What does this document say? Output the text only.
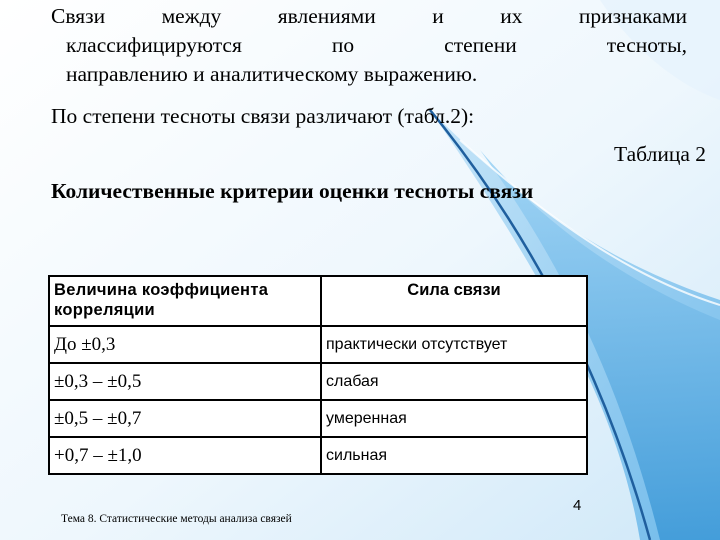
Связи	между	явлениями	и	их	признаками
классифицируются	по	степени	тесноты,
направлению и аналитическому выражению.
По степени тесноты связи различают (табл.2):
Таблица 2
Количественные критерии оценки тесноты связи
Величина коэффициента корреляции	Сила связи
До ±0,3	практически отсутствует
±0,3 – ±0,5	слабая
±0,5 – ±0,7	умеренная
+0,7 – ±1,0	сильная
Тема 8. Статистические методы анализа связей
4
